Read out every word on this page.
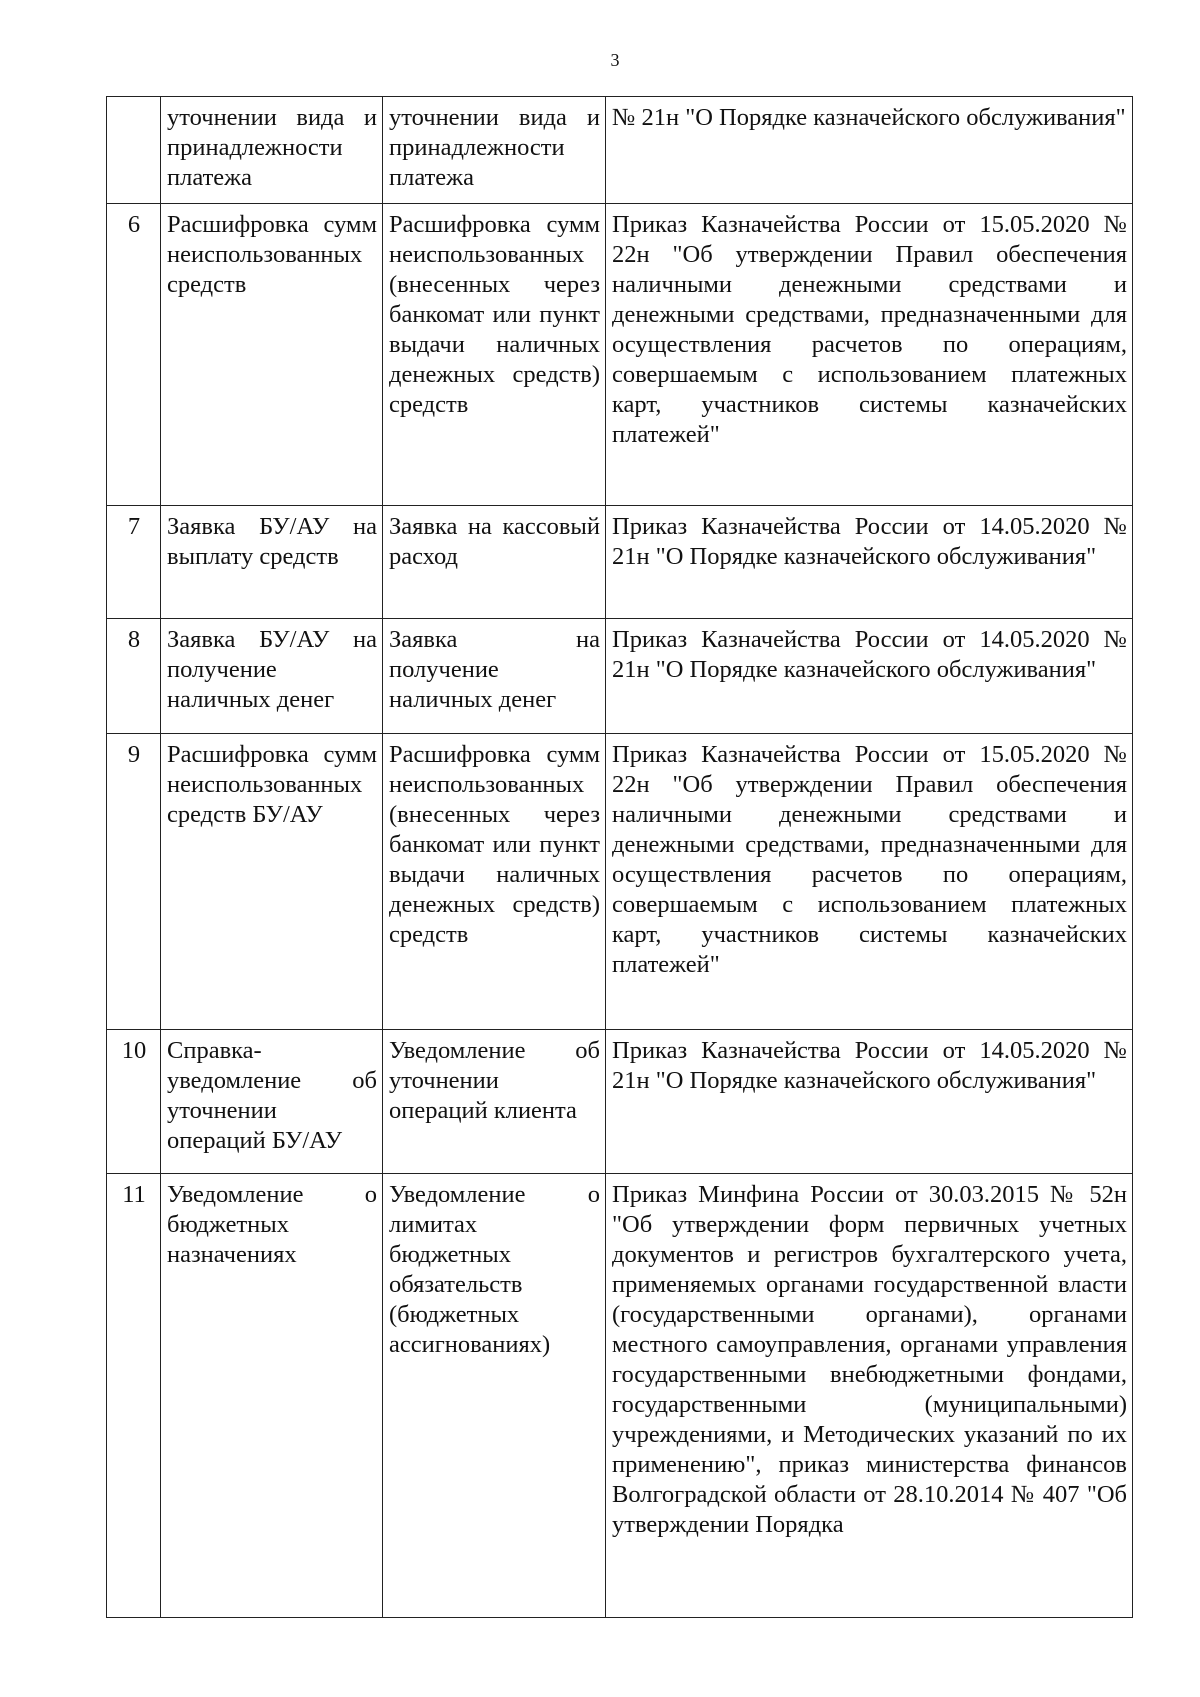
3
	уточнении вида и принадлежности платежа	уточнении вида и принадлежности платежа	№ 21н "О Порядке казначейского обслуживания"
6	Расшифровка сумм неиспользованных средств	Расшифровка сумм неиспользованных (внесенных через банкомат или пункт выдачи наличных денежных средств) средств	Приказ Казначейства России от 15.05.2020 № 22н "Об утверждении Правил обеспечения наличными денежными средствами и денежными средствами, предназначенными для осуществления расчетов по операциям, совершаемым с использованием платежных карт, участников системы казначейских платежей"
7	Заявка БУ/АУ на выплату средств	Заявка на кассовый расход	Приказ Казначейства России от 14.05.2020 № 21н "О Порядке казначейского обслуживания"
8	Заявка БУ/АУ на получение наличных денег	Заявка на получение наличных денег	Приказ Казначейства России от 14.05.2020 № 21н "О Порядке казначейского обслуживания"
9	Расшифровка сумм неиспользованных средств БУ/АУ	Расшифровка сумм неиспользованных (внесенных через банкомат или пункт выдачи наличных денежных средств) средств	Приказ Казначейства России от 15.05.2020 № 22н "Об утверждении Правил обеспечения наличными денежными средствами и денежными средствами, предназначенными для осуществления расчетов по операциям, совершаемым с использованием платежных карт, участников системы казначейских платежей"
10	Справка-уведомление об уточнении операций БУ/АУ	Уведомление об уточнении операций клиента	Приказ Казначейства России от 14.05.2020 № 21н "О Порядке казначейского обслуживания"
11	Уведомление о бюджетных назначениях	Уведомление о лимитах бюджетных обязательств (бюджетных ассигнованиях)	Приказ Минфина России от 30.03.2015 № 52н "Об утверждении форм первичных учетных документов и регистров бухгалтерского учета, применяемых органами государственной власти (государственными органами), органами местного самоуправления, органами управления государственными внебюджетными фондами, государственными (муниципальными) учреждениями, и Методических указаний по их применению", приказ министерства финансов Волгоградской области от 28.10.2014 № 407 "Об утверждении Порядка
